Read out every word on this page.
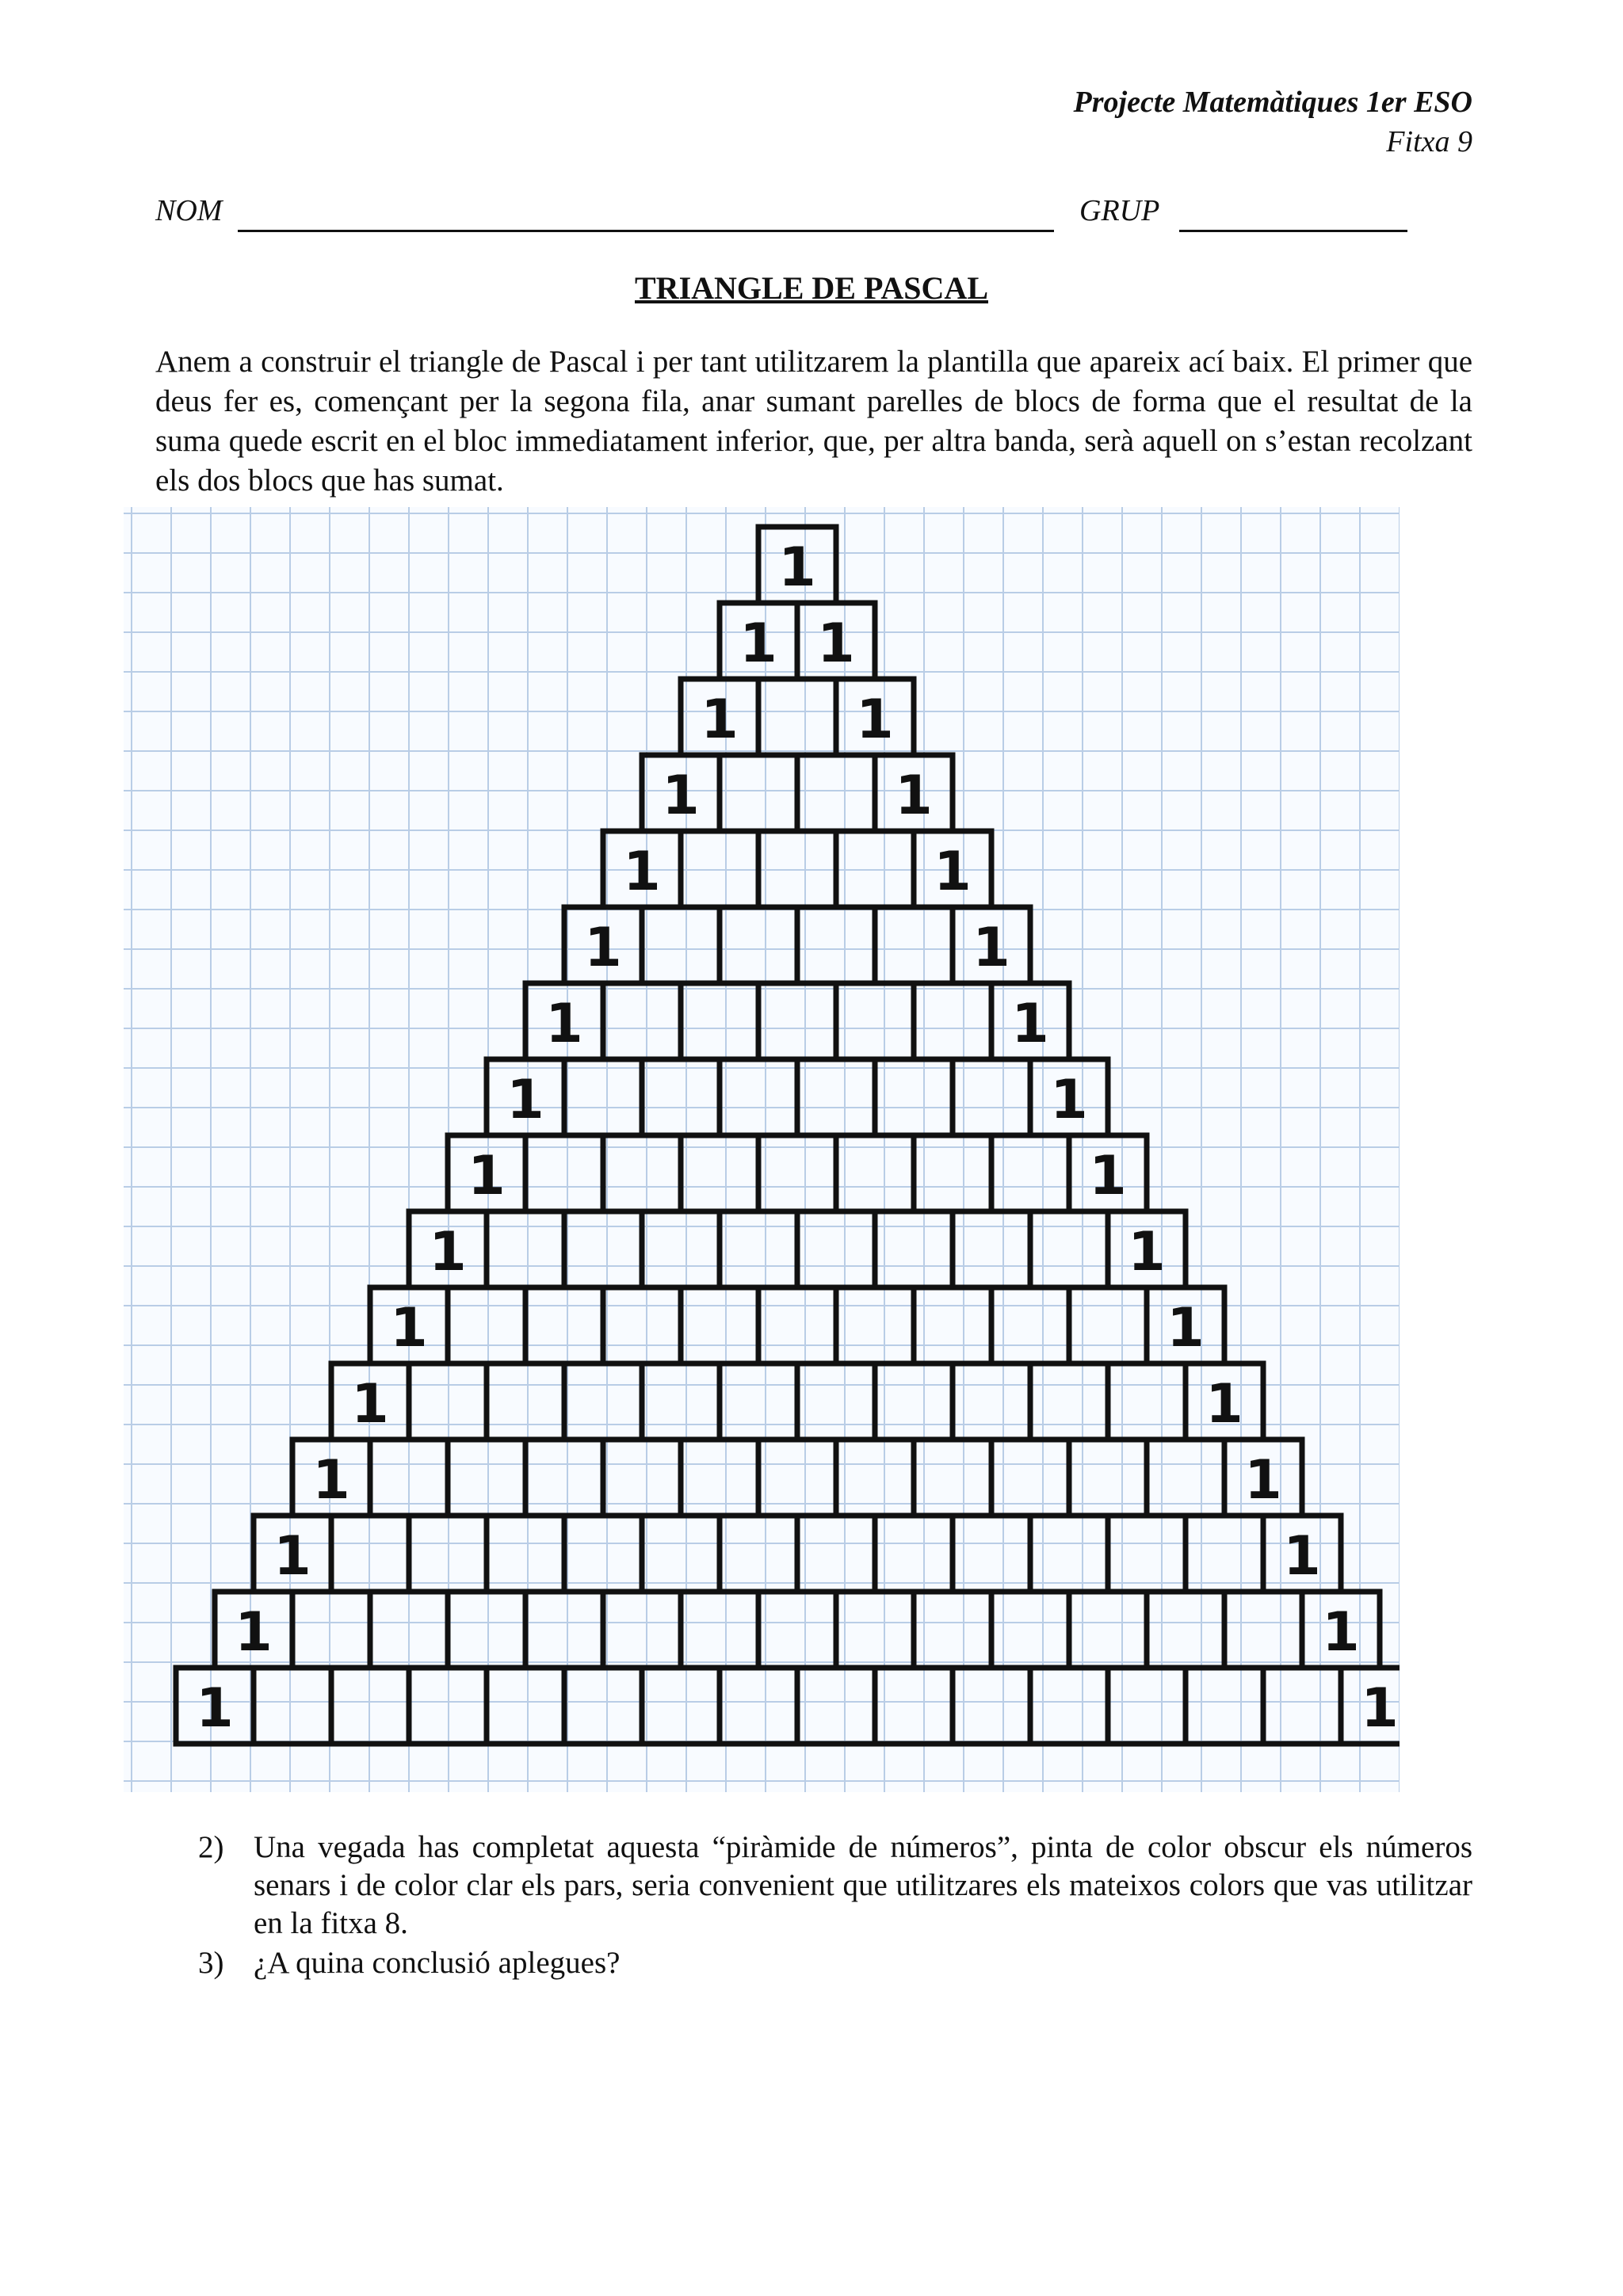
Projecte Matemàtiques 1er ESO
Fitxa 9
NOM	GRUP
TRIANGLE DE PASCAL
Anem a construir el triangle de Pascal i per tant utilitzarem la plantilla que apareix ací baix. El primer que deus fer es, començant per la segona fila, anar sumant parelles de blocs de forma que el resultat de la suma quede escrit en el bloc immediatament inferior, que, per altra banda, serà aquell on s’estan recolzant els dos blocs que has sumat.
1
1 1
1 1
1	1
1	1
1	1
1	1
1	1
1	1
1	1
1	1
1	1
1	1
1	1
1	1
1	1
2) Una vegada has completat aquesta “piràmide de números”, pinta de color obscur els números senars i de color clar els pars, seria convenient que utilitzares els mateixos colors que vas utilitzar en la fitxa 8.
3) ¿A quina conclusió aplegues?
